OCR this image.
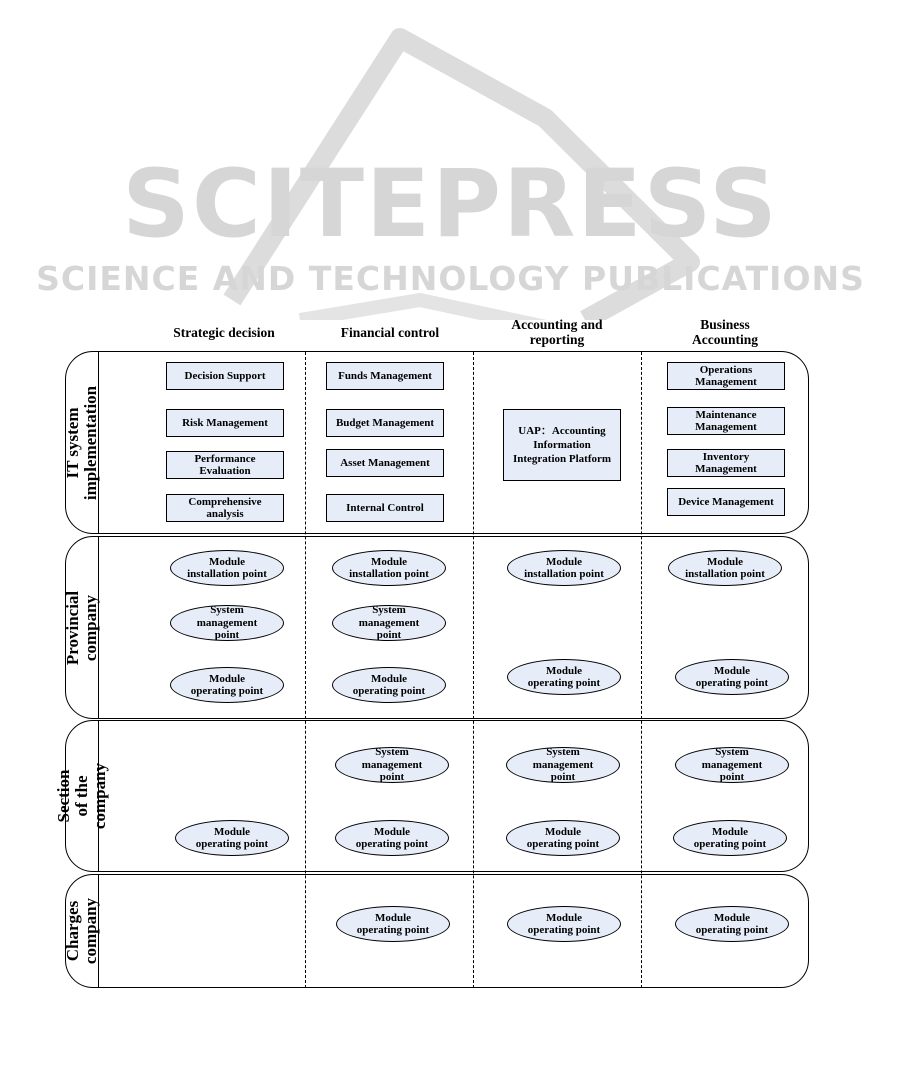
SCITEPRESS
SCIENCE AND TECHNOLOGY PUBLICATIONS
Strategic decision	Financial control	Accounting and
reporting
Business
Accounting
IT system
implementation
Provincial company
Section of the
company
Charges
company
Decision Support
Risk Management
Performance
Evaluation
Comprehensive
analysis
Funds Management
Budget Management
Asset Management
Internal Control
UAP：Accounting
Information
Integration Platform
Operations
Management
Maintenance
Management
Inventory
Management
Device Management
Module
installation point
System
management
point
Module
operating point
Module
installation point
System
management
point
Module
operating point
Module
installation point
Module
operating point
Module
installation point
Module
operating point
Module
operating point
System
management
point
Module
operating point
System
management
point
Module
operating point
System
management
point
Module
operating point
Module
operating point
Module
operating point
Module
operating point
